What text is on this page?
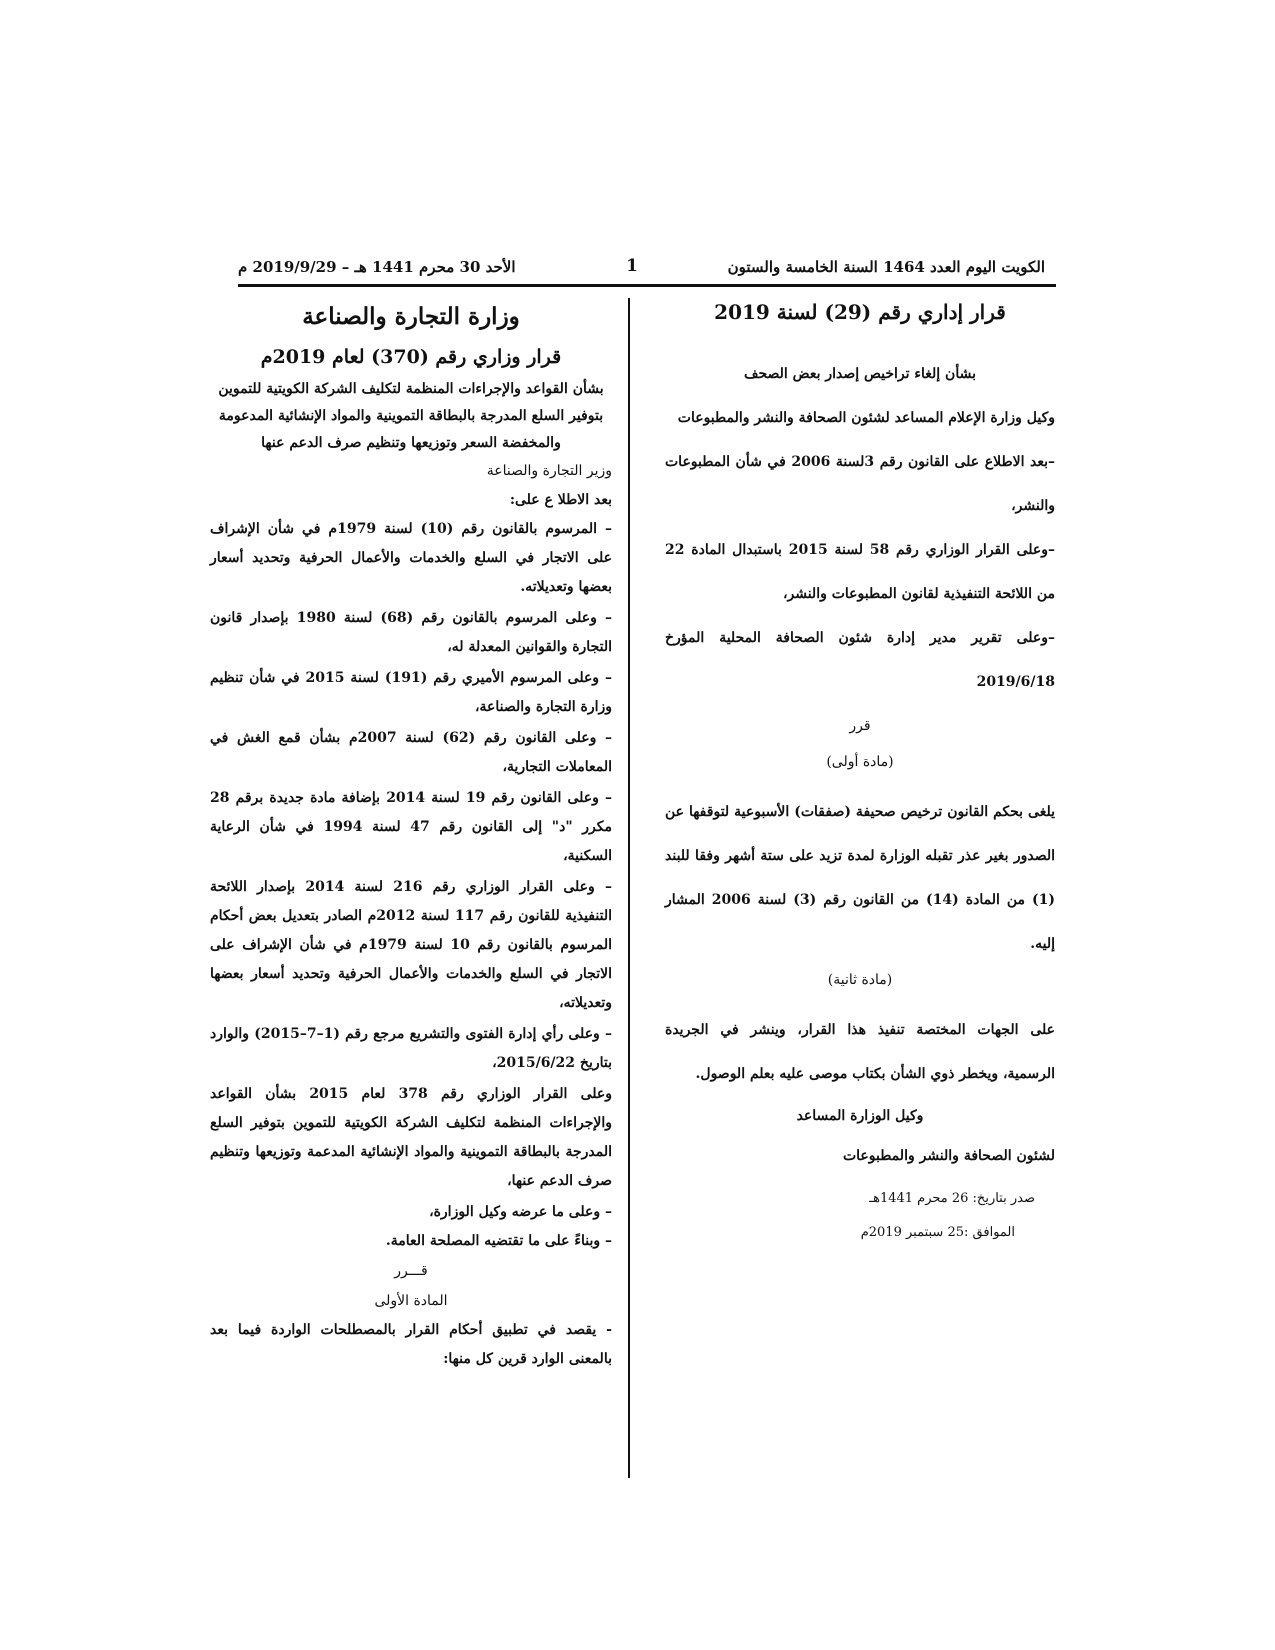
الكويت اليوم العدد 1464 السنة الخامسة والستون
1
الأحد 30 محرم 1441 هـ – 2019/9/29 م

قرار إداري رقم (29) لسنة 2019

بشأن إلغاء تراخيص إصدار بعض الصحف

وكيل وزارة الإعلام المساعد لشئون الصحافة والنشر والمطبوعات

–بعد الاطلاع على القانون رقم 3لسنة 2006 في شأن المطبوعات والنشر،

–وعلى القرار الوزاري رقم 58 لسنة 2015 باستبدال المادة 22 من اللائحة التنفيذية لقانون المطبوعات والنشر،

–وعلى تقرير مدير إدارة شئون الصحافة المحلية المؤرخ 2019/6/18

قرر

(مادة أولى)

يلغى بحكم القانون ترخيص صحيفة (صفقات) الأسبوعية لتوقفها عن الصدور بغير عذر تقبله الوزارة لمدة تزيد على ستة أشهر وفقا للبند (1) من المادة (14) من القانون رقم (3) لسنة 2006 المشار إليه.

(مادة ثانية)

على الجهات المختصة تنفيذ هذا القرار، وينشر في الجريدة الرسمية، ويخطر ذوي الشأن بكتاب موصى عليه بعلم الوصول.

وكيل الوزارة المساعد

لشئون الصحافة والنشر والمطبوعات

صدر بتاريخ: 26 محرم 1441هـ

الموافق :25 سبتمبر 2019م

وزارة التجارة والصناعة

قرار وزاري رقم (370) لعام 2019م

بشأن القواعد والإجراءات المنظمة لتكليف الشركة الكويتية للتموين

بتوفير السلع المدرجة بالبطاقة التموينية والمواد الإنشائية المدعومة

والمخفضة السعر وتوزيعها وتنظيم صرف الدعم عنها

وزير التجارة والصناعة

بعد الاطلا ع على:

– المرسوم بالقانون رقم (10) لسنة 1979م في شأن الإشراف على الاتجار في السلع والخدمات والأعمال الحرفية وتحديد أسعار بعضها وتعديلاته.

– وعلى المرسوم بالقانون رقم (68) لسنة 1980 بإصدار قانون التجارة والقوانين المعدلة له،

– وعلى المرسوم الأميري رقم (191) لسنة 2015 في شأن تنظيم وزارة التجارة والصناعة،

– وعلى القانون رقم (62) لسنة 2007م بشأن قمع الغش في المعاملات التجارية،

– وعلى القانون رقم 19 لسنة 2014 بإضافة مادة جديدة برقم 28 مكرر "د" إلى القانون رقم 47 لسنة 1994 في شأن الرعاية السكنية،

– وعلى القرار الوزاري رقم 216 لسنة 2014 بإصدار اللائحة التنفيذية للقانون رقم 117 لسنة 2012م الصادر بتعديل بعض أحكام المرسوم بالقانون رقم 10 لسنة 1979م في شأن الإشراف على الاتجار في السلع والخدمات والأعمال الحرفية وتحديد أسعار بعضها وتعديلاته،

– وعلى رأي إدارة الفتوى والتشريع مرجع رقم (1–7–2015) والوارد بتاريخ 2015/6/22،

وعلى القرار الوزاري رقم 378 لعام 2015 بشأن القواعد والإجراءات المنظمة لتكليف الشركة الكويتية للتموين بتوفير السلع المدرجة بالبطاقة التموينية والمواد الإنشائية المدعمة وتوزيعها وتنظيم صرف الدعم عنها،

– وعلى ما عرضه وكيل الوزارة،

– وبناءً على ما تقتضيه المصلحة العامة.

قـــرر

المادة الأولى

- يقصد في تطبيق أحكام القرار بالمصطلحات الواردة فيما بعد بالمعنى الوارد قرين كل منها:
